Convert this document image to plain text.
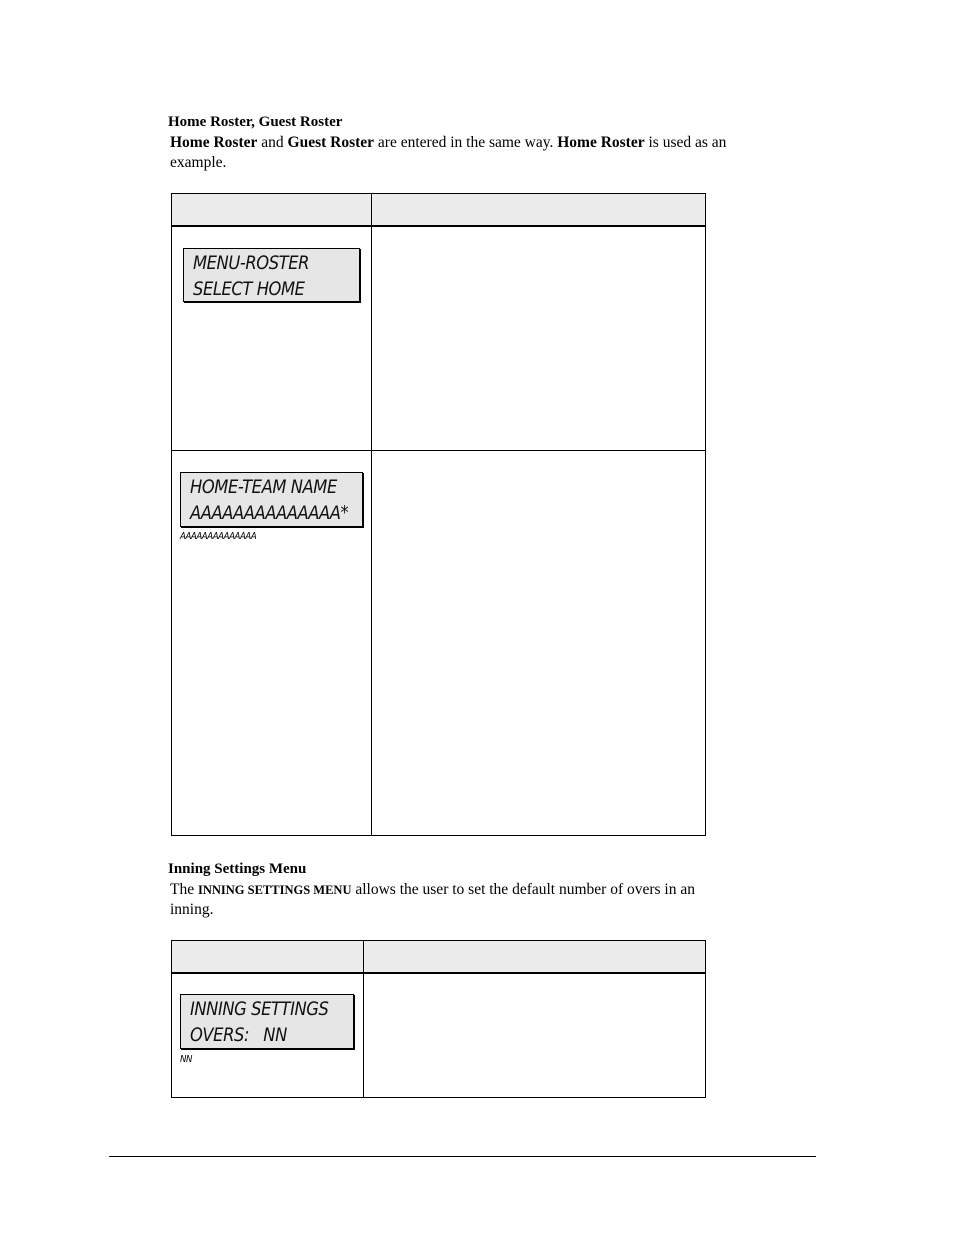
Home Roster, Guest Roster
Home Roster and Guest Roster are entered in the same way. Home Roster is used as an
example.

MENU-ROSTER
SELECT HOME
HOME-TEAM NAME
AAAAAAAAAAAAAA*
AAAAAAAAAAAAAA
Inning Settings Menu
The INNING SETTINGS MENU allows the user to set the default number of overs in an
inning.

INNING SETTINGS
OVERS:   NN
NN
